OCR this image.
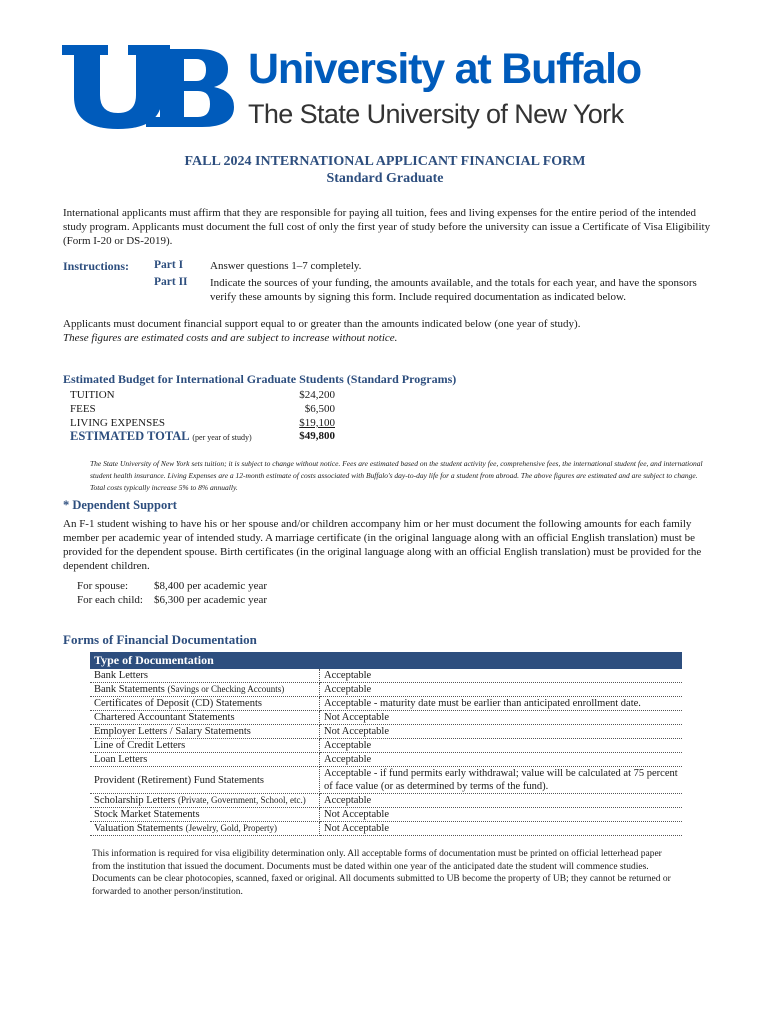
University at Buffalo
The State University of New York
FALL 2024 INTERNATIONAL APPLICANT FINANCIAL FORM
Standard Graduate
International applicants must affirm that they are responsible for paying all tuition, fees and living expenses for the entire period of the intended study program. Applicants must document the full cost of only the first year of study before the university can issue a Certificate of Visa Eligibility (Form I-20 or DS-2019).
Instructions: Part I Answer questions 1–7 completely.
Part II Indicate the sources of your funding, the amounts available, and the totals for each year, and have the sponsors verify these amounts by signing this form. Include required documentation as indicated below.
Applicants must document financial support equal to or greater than the amounts indicated below (one year of study).
These figures are estimated costs and are subject to increase without notice.
Estimated Budget for International Graduate Students (Standard Programs)
TUITION	$24,200
FEES	$6,500
LIVING EXPENSES	$19,100
ESTIMATED TOTAL (per year of study)	$49,800
The State University of New York sets tuition; it is subject to change without notice. Fees are estimated based on the student activity fee, comprehensive fees, the international student fee, and international student health insurance. Living Expenses are a 12-month estimate of costs associated with Buffalo's day-to-day life for a student from abroad. The above figures are estimated and are subject to change. Total costs typically increase 5% to 8% annually.
* Dependent Support
An F-1 student wishing to have his or her spouse and/or children accompany him or her must document the following amounts for each family member per academic year of intended study. A marriage certificate (in the original language along with an official English translation) must be provided for the dependent spouse. Birth certificates (in the original language along with an official English translation) must be provided for the dependent children.
For spouse: $8,400 per academic year
For each child: $6,300 per academic year
Forms of Financial Documentation
Type of Documentation	
Bank Letters	Acceptable
Bank Statements (Savings or Checking Accounts)	Acceptable
Certificates of Deposit (CD) Statements	Acceptable - maturity date must be earlier than anticipated enrollment date.
Chartered Accountant Statements	Not Acceptable
Employer Letters / Salary Statements	Not Acceptable
Line of Credit Letters	Acceptable
Loan Letters	Acceptable
Provident (Retirement) Fund Statements	Acceptable - if fund permits early withdrawal; value will be calculated at 75 percent of face value (or as determined by terms of the fund).
Scholarship Letters (Private, Government, School, etc.)	Acceptable
Stock Market Statements	Not Acceptable
Valuation Statements (Jewelry, Gold, Property)	Not Acceptable
This information is required for visa eligibility determination only. All acceptable forms of documentation must be printed on official letterhead paper from the institution that issued the document. Documents must be dated within one year of the anticipated date the student will commence studies. Documents can be clear photocopies, scanned, faxed or original. All documents submitted to UB become the property of UB; they cannot be returned or forwarded to another person/institution.
